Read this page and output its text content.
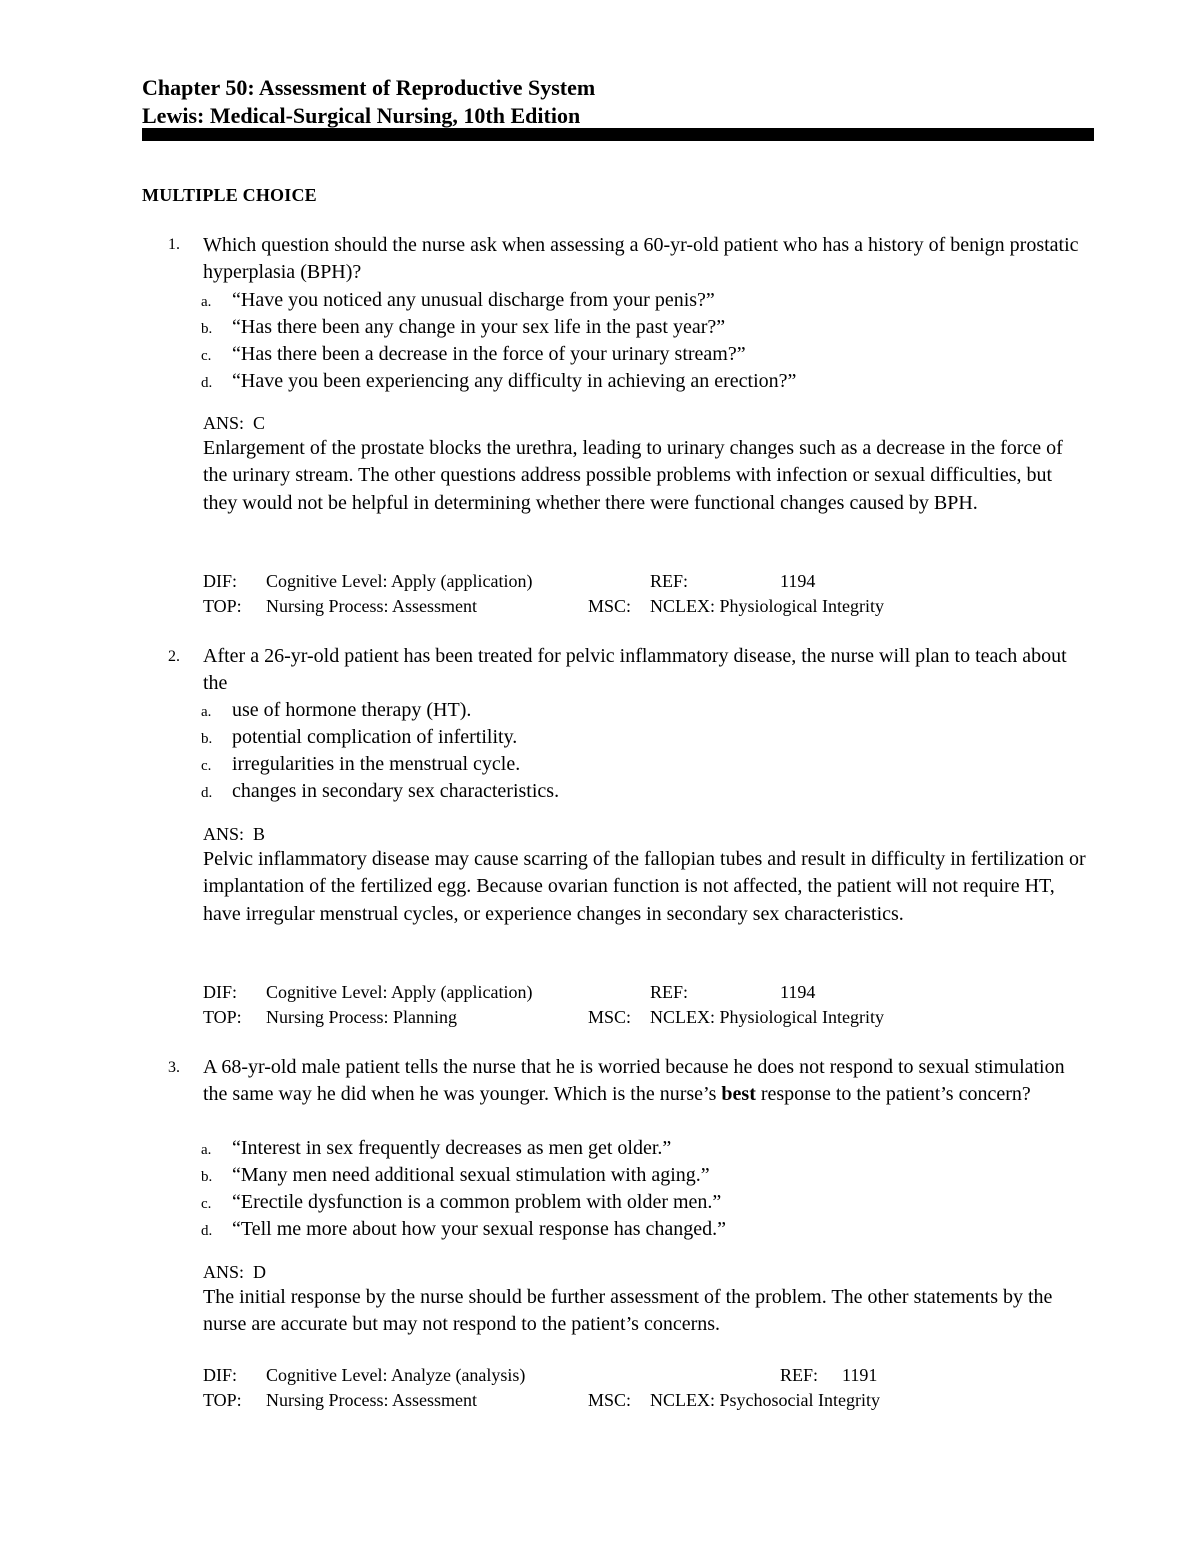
Chapter 50: Assessment of Reproductive System
Lewis: Medical-Surgical Nursing, 10th Edition
MULTIPLE CHOICE
1. Which question should the nurse ask when assessing a 60-yr-old patient who has a history of benign prostatic hyperplasia (BPH)?
a. “Have you noticed any unusual discharge from your penis?”
b. “Has there been any change in your sex life in the past year?”
c. “Has there been a decrease in the force of your urinary stream?”
d. “Have you been experiencing any difficulty in achieving an erection?”
ANS:  C
Enlargement of the prostate blocks the urethra, leading to urinary changes such as a decrease in the force of the urinary stream. The other questions address possible problems with infection or sexual difficulties, but they would not be helpful in determining whether there were functional changes caused by BPH.
DIF: Cognitive Level: Apply (application)	REF:	1194
TOP: Nursing Process: Assessment	MSC: NCLEX: Physiological Integrity
2. After a 26-yr-old patient has been treated for pelvic inflammatory disease, the nurse will plan to teach about the
a. use of hormone therapy (HT).
b. potential complication of infertility.
c. irregularities in the menstrual cycle.
d. changes in secondary sex characteristics.
ANS:  B
Pelvic inflammatory disease may cause scarring of the fallopian tubes and result in difficulty in fertilization or implantation of the fertilized egg. Because ovarian function is not affected, the patient will not require HT, have irregular menstrual cycles, or experience changes in secondary sex characteristics.
DIF: Cognitive Level: Apply (application)	REF:	1194
TOP: Nursing Process: Planning	MSC: NCLEX: Physiological Integrity
3. A 68-yr-old male patient tells the nurse that he is worried because he does not respond to sexual stimulation the same way he did when he was younger. Which is the nurse’s best response to the patient’s concern?
a. “Interest in sex frequently decreases as men get older.”
b. “Many men need additional sexual stimulation with aging.”
c. “Erectile dysfunction is a common problem with older men.”
d. “Tell me more about how your sexual response has changed.”
ANS:  D
The initial response by the nurse should be further assessment of the problem. The other statements by the nurse are accurate but may not respond to the patient’s concerns.
DIF: Cognitive Level: Analyze (analysis)	REF: 1191
TOP: Nursing Process: Assessment	MSC: NCLEX: Psychosocial Integrity
